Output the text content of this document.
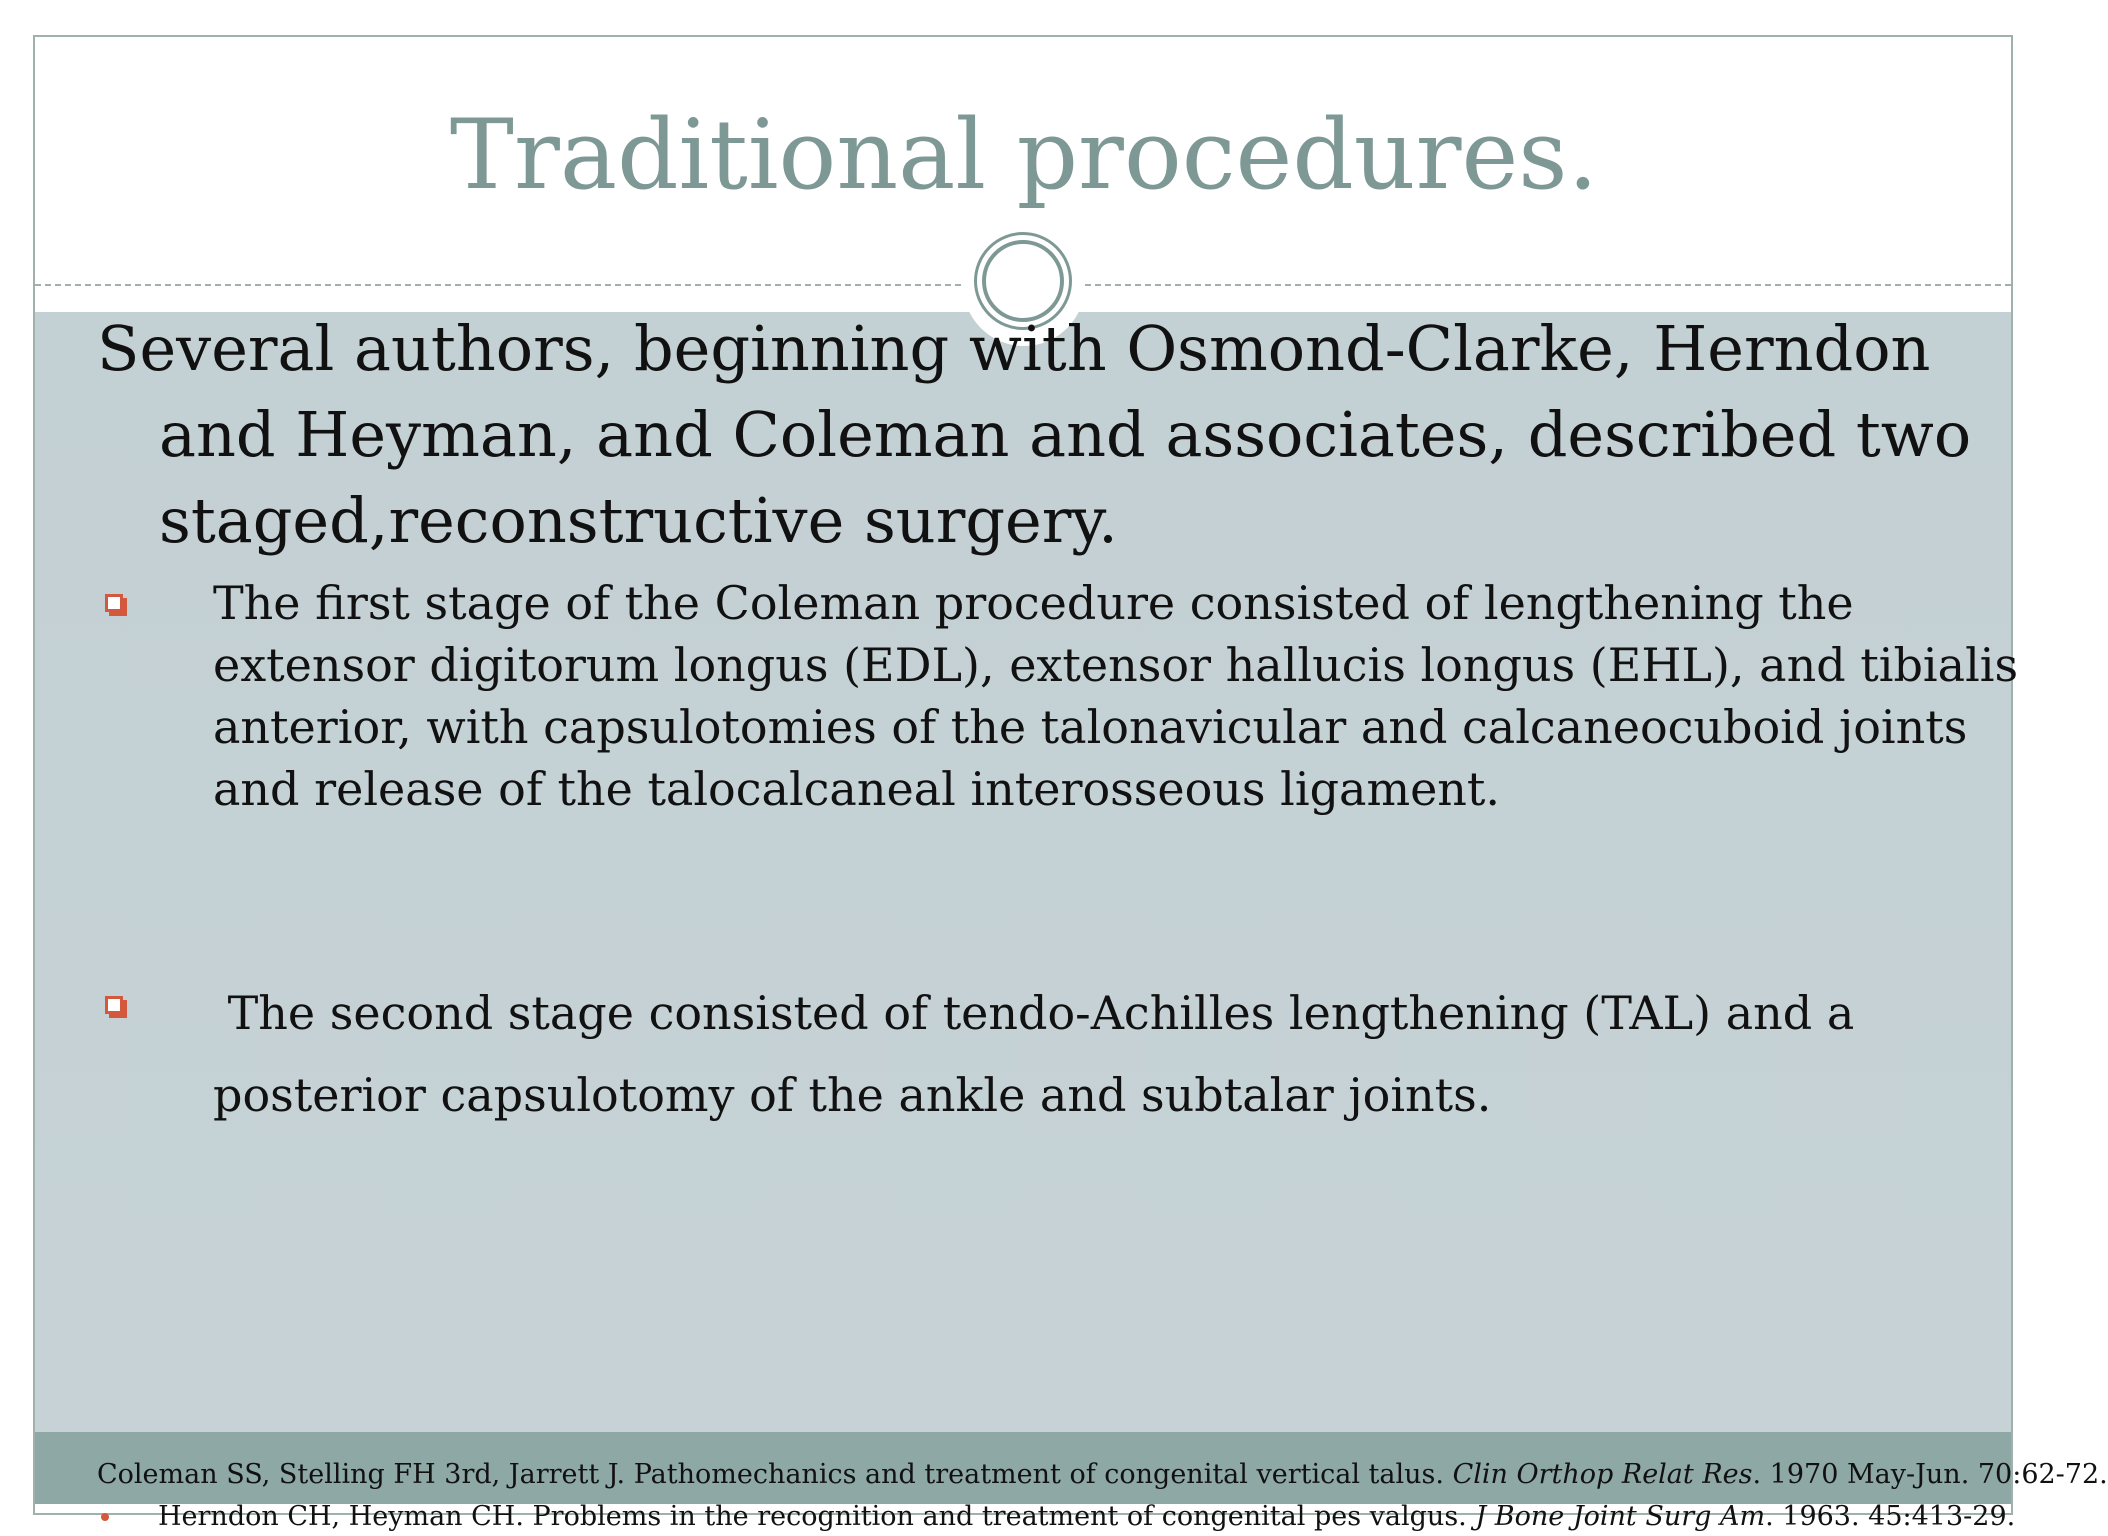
Traditional procedures.

Several authors, beginning with Osmond-Clarke, Herndon and Heyman, and Coleman and associates, described two staged,reconstructive surgery.

The first stage of the Coleman procedure consisted of lengthening the extensor digitorum longus (EDL), extensor hallucis longus (EHL), and tibialis anterior, with capsulotomies of the talonavicular and calcaneocuboid joints and release of the talocalcaneal interosseous ligament.

The second stage consisted of tendo-Achilles lengthening (TAL) and a posterior capsulotomy of the ankle and subtalar joints.

Coleman SS, Stelling FH 3rd, Jarrett J. Pathomechanics and treatment of congenital vertical talus. Clin Orthop Relat Res. 1970 May-Jun. 70:62-72.

Herndon CH, Heyman CH. Problems in the recognition and treatment of congenital pes valgus. J Bone Joint Surg Am. 1963. 45:413-29.
